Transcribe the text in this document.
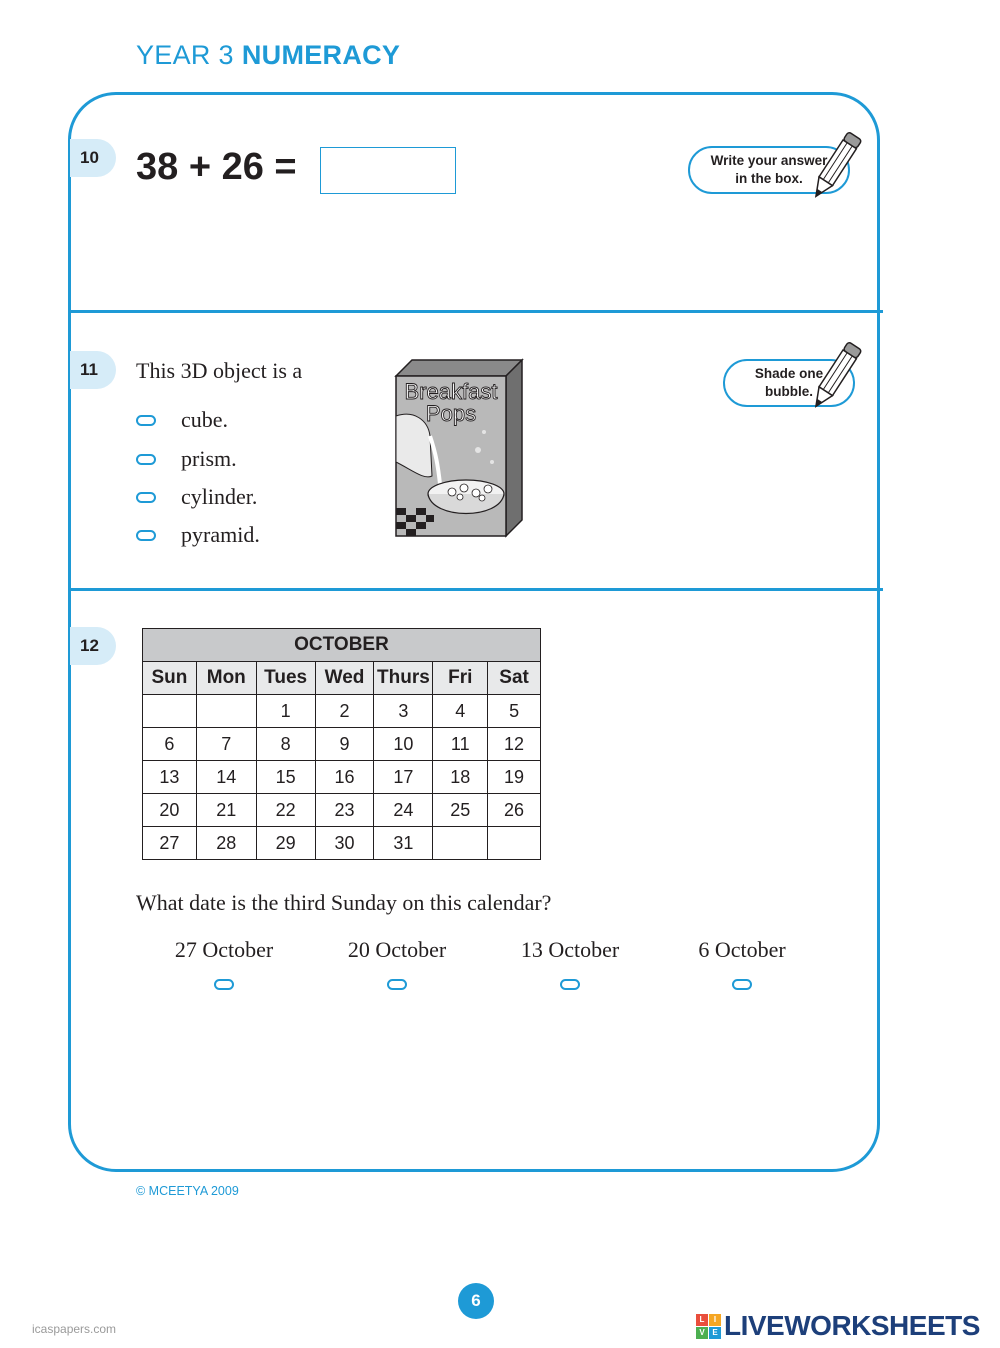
YEAR 3 NUMERACY
10 38 + 26 =	Write your answer
in the box.
11	This 3D object is a
cube.
prism.
cylinder.
pyramid.
Breakfast
Pops
Shade one
bubble.
12	OCTOBER						
Sun	Mon	Tues	Wed	Thurs	Fri	Sat
		1	2	3	4	5
6	7	8	9	10	11	12
13	14	15	16	17	18	19
20	21	22	23	24	25	26
27	28	29	30	31		
What date is the third Sunday on this calendar?
27 October	20 October	13 October	6 October
© MCEETYA 2009
6
icaspapers.com
L	I
V E LIVEWORKSHEETS
